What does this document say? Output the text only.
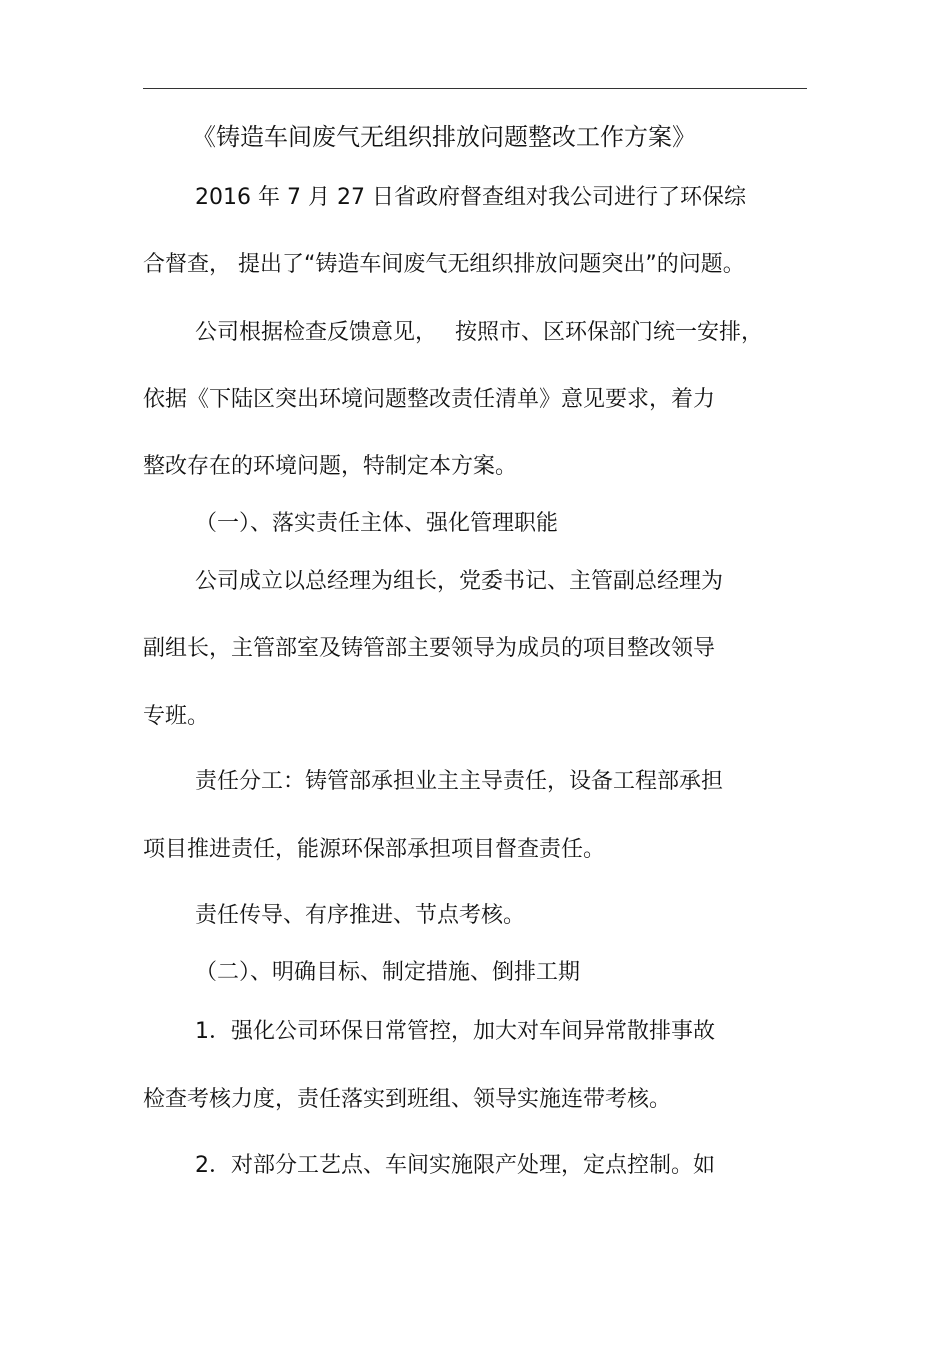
《铸造车间废气无组织排放问题整改工作方案》
2016 年 7 月 27 日省政府督查组对我公司进行了环保综
合督查， 提出了“铸造车间废气无组织排放问题突出”的问题。
公司根据检查反馈意见，　 按照市、区环保部门统一安排，
依据《下陆区突出环境问题整改责任清单》意见要求，着力
整改存在的环境问题，特制定本方案。
（一）、落实责任主体、强化管理职能
公司成立以总经理为组长，党委书记、主管副总经理为
副组长，主管部室及铸管部主要领导为成员的项目整改领导
专班。
责任分工：铸管部承担业主主导责任，设备工程部承担
项目推进责任，能源环保部承担项目督查责任。
责任传导、有序推进、节点考核。
（二）、明确目标、制定措施、倒排工期
1．强化公司环保日常管控，加大对车间异常散排事故
检查考核力度，责任落实到班组、领导实施连带考核。
2．对部分工艺点、车间实施限产处理，定点控制。如
